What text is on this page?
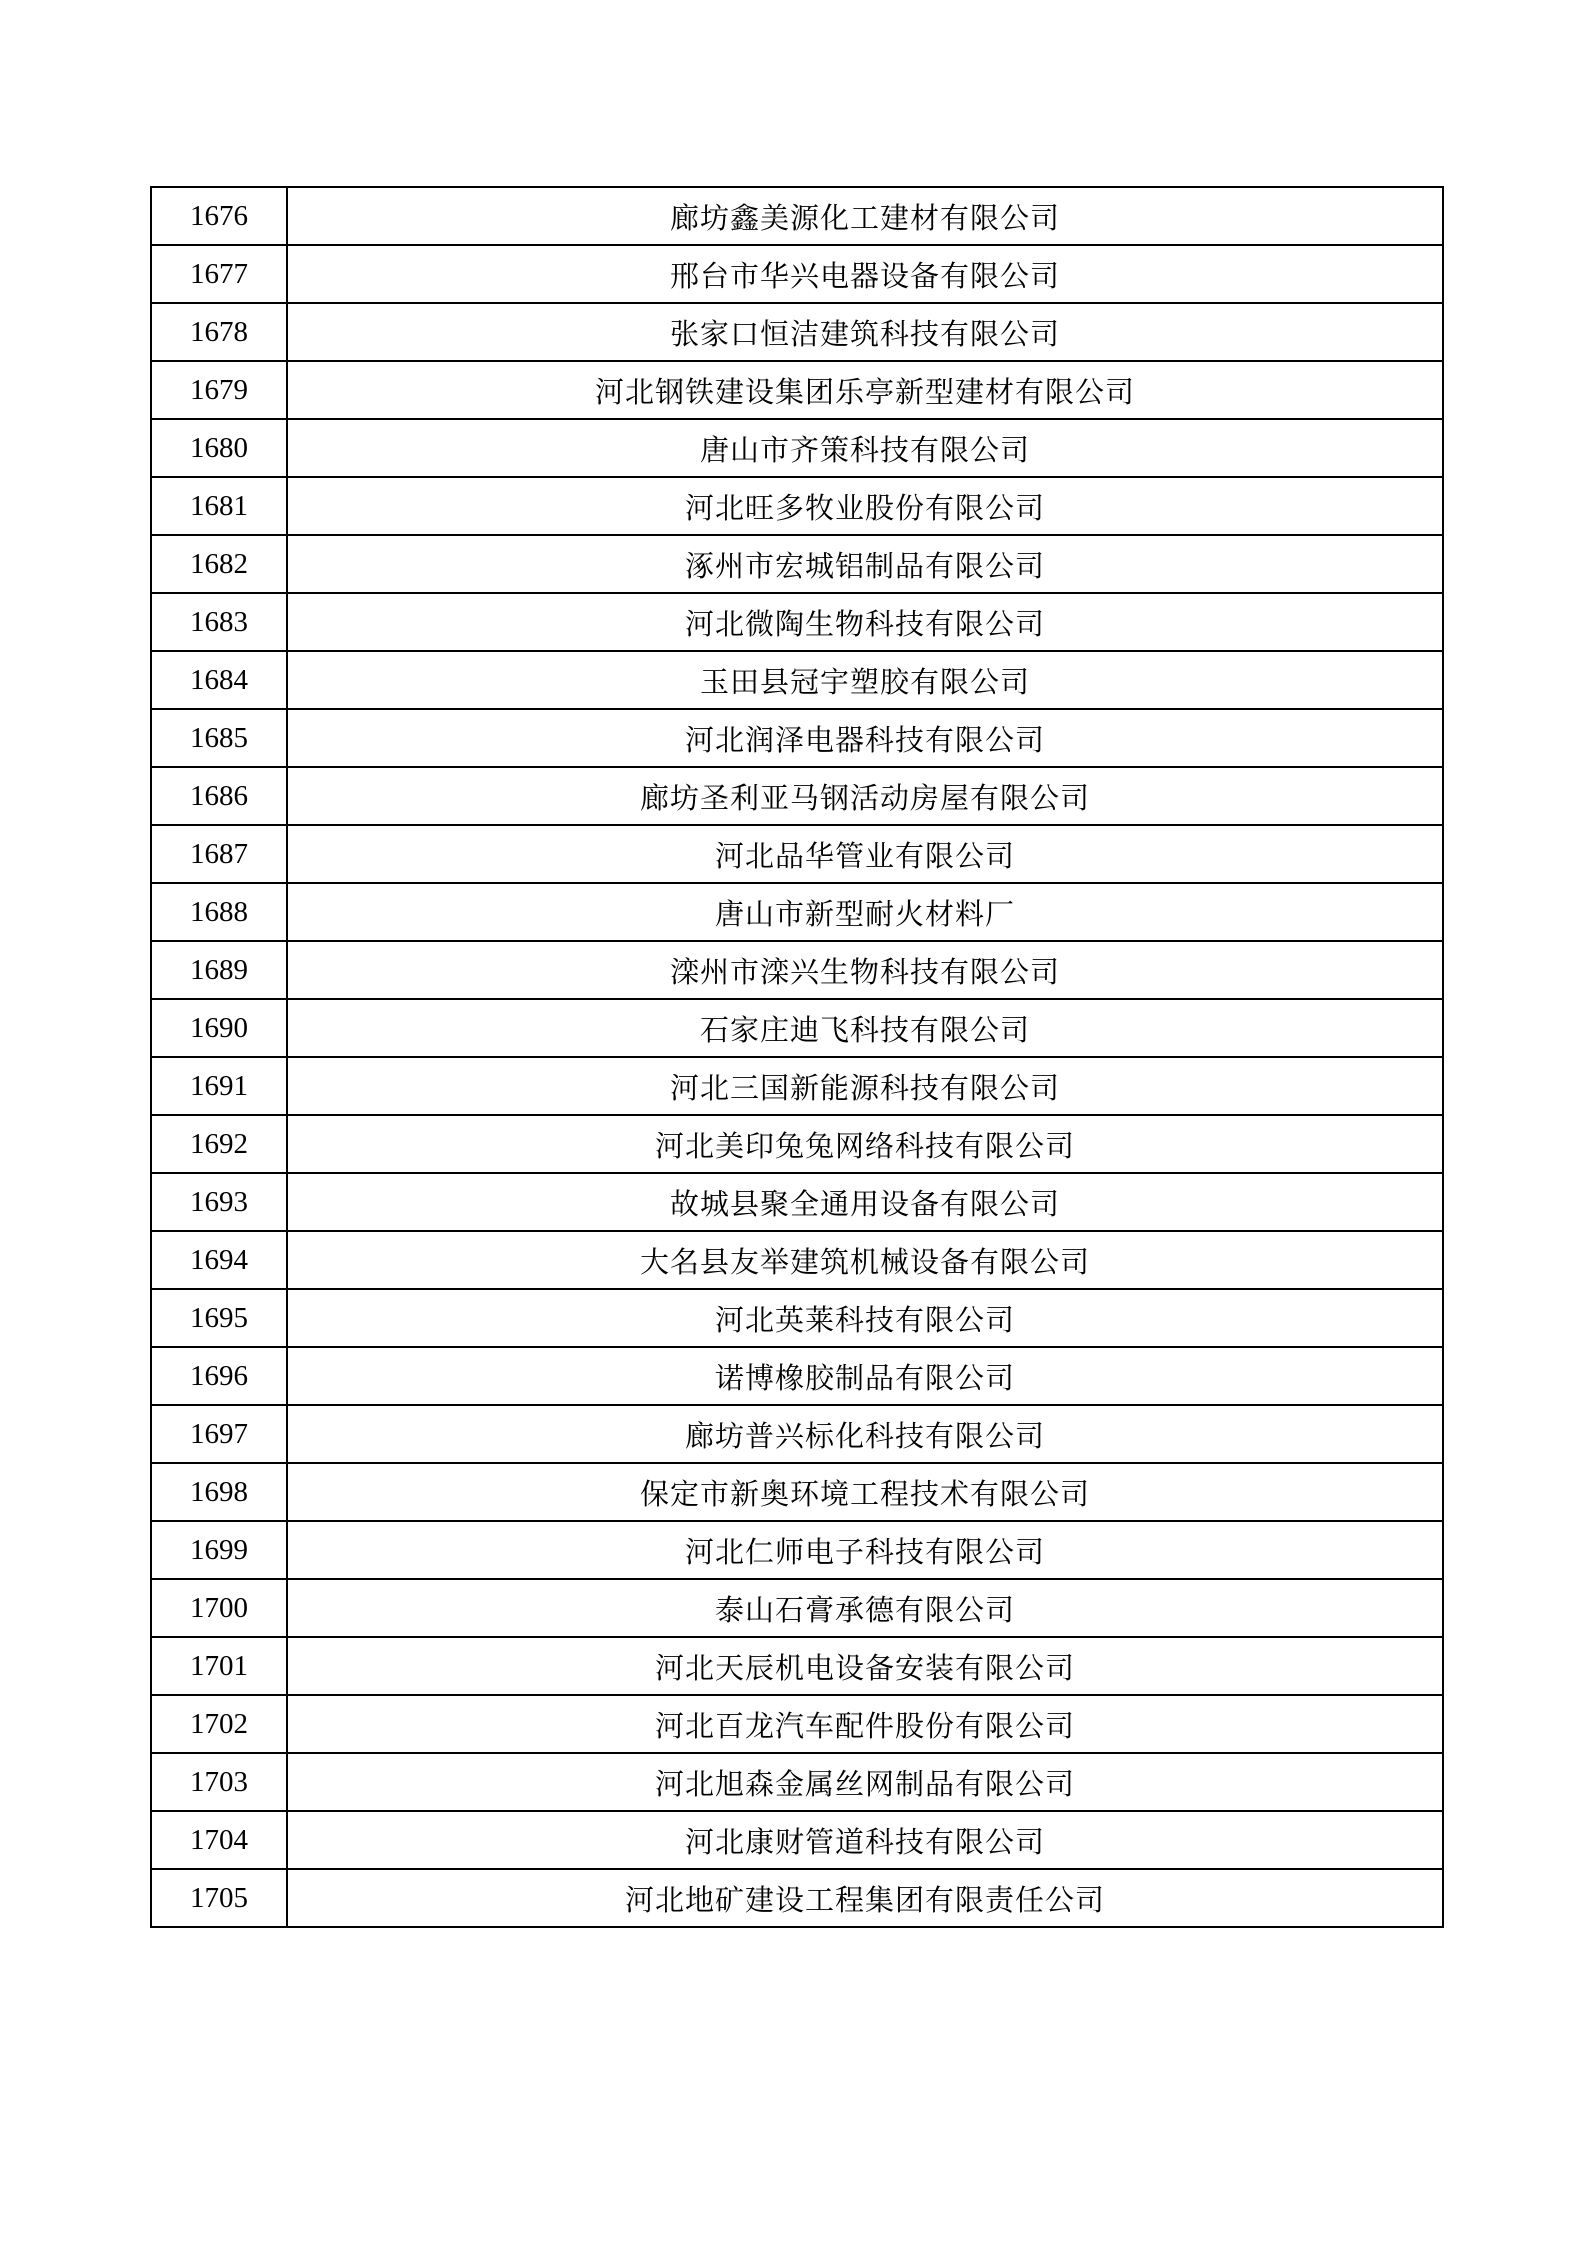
1676	廊坊鑫美源化工建材有限公司
1677	邢台市华兴电器设备有限公司
1678	张家口恒洁建筑科技有限公司
1679	河北钢铁建设集团乐亭新型建材有限公司
1680	唐山市齐策科技有限公司
1681	河北旺多牧业股份有限公司
1682	涿州市宏城铝制品有限公司
1683	河北微陶生物科技有限公司
1684	玉田县冠宇塑胶有限公司
1685	河北润泽电器科技有限公司
1686	廊坊圣利亚马钢活动房屋有限公司
1687	河北品华管业有限公司
1688	唐山市新型耐火材料厂
1689	滦州市滦兴生物科技有限公司
1690	石家庄迪飞科技有限公司
1691	河北三国新能源科技有限公司
1692	河北美印兔兔网络科技有限公司
1693	故城县聚全通用设备有限公司
1694	大名县友举建筑机械设备有限公司
1695	河北英莱科技有限公司
1696	诺博橡胶制品有限公司
1697	廊坊普兴标化科技有限公司
1698	保定市新奥环境工程技术有限公司
1699	河北仁师电子科技有限公司
1700	泰山石膏承德有限公司
1701	河北天辰机电设备安装有限公司
1702	河北百龙汽车配件股份有限公司
1703	河北旭森金属丝网制品有限公司
1704	河北康财管道科技有限公司
1705	河北地矿建设工程集团有限责任公司
